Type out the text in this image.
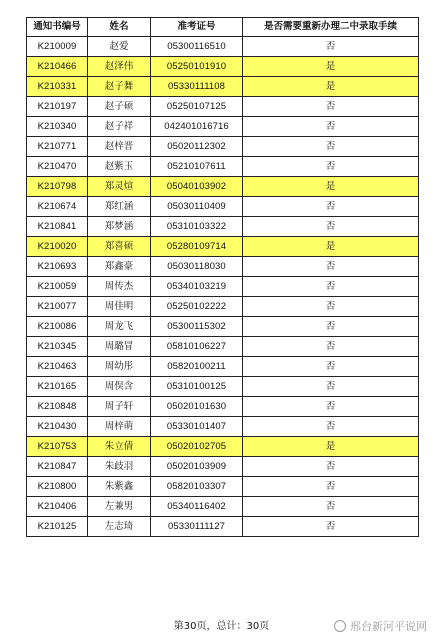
通知书编号	姓名	准考证号	是否需要重新办理二中录取手续
K210009	赵爱	05300116510	否
K210466	赵泽伟	05250101910	是
K210331	赵子舞	05330111108	是
K210197	赵子硕	05250107125	否
K210340	赵子祥	042401016716	否
K210771	赵梓晋	05020112302	否
K210470	赵紫玉	05210107611	否
K210798	郑灵煊	05040103902	是
K210674	郑红涵	05030110409	否
K210841	郑梦涵	05310103322	否
K210020	郑喜硕	05280109714	是
K210693	郑鑫豪	05030118030	否
K210059	周传杰	05340103219	否
K210077	周佳明	05250102222	否
K210086	周龙飞	05300115302	否
K210345	周璐冒	05810106227	否
K210463	周幼彤	05820100211	否
K210165	周俣含	05310100125	否
K210848	周子轩	05020101630	否
K210430	周梓萌	05330101407	否
K210753	朱立倩	05020102705	是
K210847	朱歧羽	05020103909	否
K210800	朱紫鑫	05820103307	否
K210406	左兼男	05340116402	否
K210125	左志琦	05330111127	否
第30页，总计：30页	邢台新河平说网
